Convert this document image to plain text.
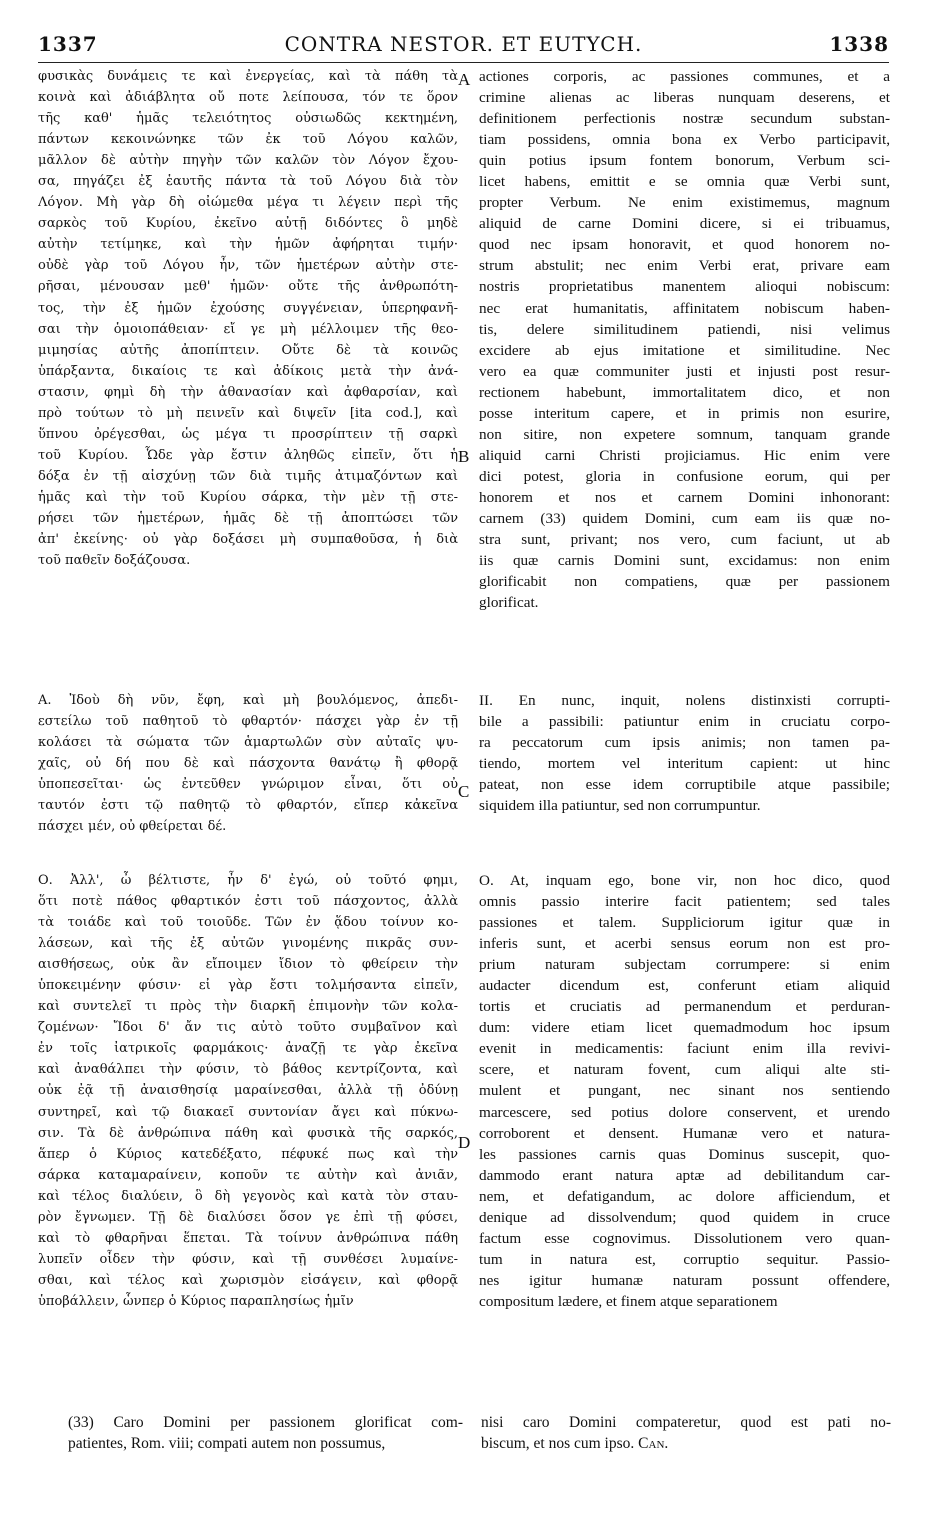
CONTRA NESTOR. ET EUTYCH.
1337	1338
A
B
C
D
φυσικὰς δυνάμεις τε καὶ ἐνεργείας, καὶ τὰ πάθη τὰ
κοινὰ καὶ ἀδιάβλητα οὔ ποτε λείπουσα, τόν τε ὅρον
τῆς καθ' ἡμᾶς τελειότητος οὐσιωδῶς κεκτημένη,
πάντων κεκοινώνηκε τῶν ἐκ τοῦ Λόγου καλῶν,
μᾶλλον δὲ αὐτὴν πηγὴν τῶν καλῶν τὸν Λόγον ἔχου-
σα, πηγάζει ἐξ ἑαυτῆς πάντα τὰ τοῦ Λόγου διὰ τὸν
Λόγον. Μὴ γὰρ δὴ οἰώμεθα μέγα τι λέγειν περὶ τῆς
σαρκὸς τοῦ Κυρίου, ἐκεῖνο αὐτῇ διδόντες ὃ μηδὲ
αὐτὴν τετίμηκε, καὶ τὴν ἡμῶν ἀφήρηται τιμήν·
οὐδὲ γὰρ τοῦ Λόγου ἦν, τῶν ἡμετέρων αὐτὴν στε-
ρῆσαι, μένουσαν μεθ' ἡμῶν· οὔτε τῆς ἀνθρωπότη-
τος, τὴν ἐξ ἡμῶν ἐχούσης συγγένειαν, ὑπερηφανῆ-
σαι τὴν ὁμοιοπάθειαν· εἴ γε μὴ μέλλοιμεν τῆς θεο-
μιμησίας αὐτῆς ἀποπίπτειν. Οὔτε δὲ τὰ κοινῶς
ὑπάρξαντα, δικαίοις τε καὶ ἀδίκοις μετὰ τὴν ἀνά-
στασιν, φημὶ δὴ τὴν ἀθανασίαν καὶ ἀφθαρσίαν, καὶ
πρὸ τούτων τὸ μὴ πεινεῖν καὶ διψεῖν [ita cod.], καὶ
ὕπνου ὀρέγεσθαι, ὡς μέγα τι προσρίπτειν τῇ σαρκὶ
τοῦ Κυρίου. Ὧδε γὰρ ἔστιν ἀληθῶς εἰπεῖν, ὅτι ἡ
δόξα ἐν τῇ αἰσχύνῃ τῶν διὰ τιμῆς ἀτιμαζόντων καὶ
ἡμᾶς καὶ τὴν τοῦ Κυρίου σάρκα, τὴν μὲν τῇ στε-
ρήσει τῶν ἡμετέρων, ἡμᾶς δὲ τῇ ἀποπτώσει τῶν
ἀπ' ἐκείνης· οὐ γὰρ δοξάσει μὴ συμπαθοῦσα, ἡ διὰ
τοῦ παθεῖν δοξάζουσα.
Α. Ἰδοὺ δὴ νῦν, ἔφη, καὶ μὴ βουλόμενος, ἀπεδι-
εστείλω τοῦ παθητοῦ τὸ φθαρτόν· πάσχει γὰρ ἐν τῇ
κολάσει τὰ σώματα τῶν ἁμαρτωλῶν σὺν αὐταῖς ψυ-
χαῖς, οὐ δή που δὲ καὶ πάσχοντα θανάτῳ ἢ φθορᾷ
ὑποπεσεῖται· ὡς ἐντεῦθεν γνώριμον εἶναι, ὅτι οὐ
ταυτόν ἐστι τῷ παθητῷ τὸ φθαρτόν, εἴπερ κἀκεῖνα
πάσχει μέν, οὐ φθείρεται δέ.
Ο. Ἀλλ', ὦ βέλτιστε, ἦν δ' ἐγώ, οὐ τοῦτό φημι,
ὅτι ποτὲ πάθος φθαρτικόν ἐστι τοῦ πάσχοντος, ἀλλὰ
τὰ τοιάδε καὶ τοῦ τοιοῦδε. Τῶν ἐν ᾅδου τοίνυν κο-
λάσεων, καὶ τῆς ἐξ αὐτῶν γινομένης πικρᾶς συν-
αισθήσεως, οὐκ ἂν εἴποιμεν ἴδιον τὸ φθείρειν τὴν
ὑποκειμένην φύσιν· εἰ γὰρ ἔστι τολμήσαντα εἰπεῖν,
καὶ συντελεῖ τι πρὸς τὴν διαρκῆ ἐπιμονὴν τῶν κολα-
ζομένων· Ἴδοι δ' ἄν τις αὐτὸ τοῦτο συμβαῖνον καὶ
ἐν τοῖς ἰατρικοῖς φαρμάκοις· ἀναζῇ τε γὰρ ἐκεῖνα
καὶ ἀναθάλπει τὴν φύσιν, τὸ βάθος κεντρίζοντα, καὶ
οὐκ ἐᾷ τῇ ἀναισθησίᾳ μαραίνεσθαι, ἀλλὰ τῇ ὀδύνῃ
συντηρεῖ, καὶ τῷ διακαεῖ συντονίαν ἄγει καὶ πύκνω-
σιν. Τὰ δὲ ἀνθρώπινα πάθη καὶ φυσικὰ τῆς σαρκός,
ἅπερ ὁ Κύριος κατεδέξατο, πέφυκέ πως καὶ τὴν
σάρκα καταμαραίνειν, κοποῦν τε αὐτὴν καὶ ἀνιᾶν,
καὶ τέλος διαλύειν, ὃ δὴ γεγονὸς καὶ κατὰ τὸν σταυ-
ρὸν ἔγνωμεν. Τῇ δὲ διαλύσει ὅσον γε ἐπὶ τῇ φύσει,
καὶ τὸ φθαρῆναι ἕπεται. Τὰ τοίνυν ἀνθρώπινα πάθη
λυπεῖν οἶδεν τὴν φύσιν, καὶ τῇ συνθέσει λυμαίνε-
σθαι, καὶ τέλος καὶ χωρισμὸν εἰσάγειν, καὶ φθορᾷ
ὑποβάλλειν, ὧνπερ ὁ Κύριος παραπλησίως ἡμῖν
actiones corporis, ac passiones communes, et a
crimine alienas ac liberas nunquam deserens, et
definitionem perfectionis nostræ secundum substan-
tiam possidens, omnia bona ex Verbo participavit,
quin potius ipsum fontem bonorum, Verbum sci-
licet habens, emittit e se omnia quæ Verbi sunt,
propter Verbum. Ne enim existimemus, magnum
aliquid de carne Domini dicere, si ei tribuamus,
quod nec ipsam honoravit, et quod honorem no-
strum abstulit; nec enim Verbi erat, privare eam
nostris proprietatibus manentem alioqui nobiscum:
nec erat humanitatis, affinitatem nobiscum haben-
tis, delere similitudinem patiendi, nisi velimus
excidere ab ejus imitatione et similitudine. Nec
vero ea quæ communiter justi et injusti post resur-
rectionem habebunt, immortalitatem dico, et non
posse interitum capere, et in primis non esurire,
non sitire, non expetere somnum, tanquam grande
aliquid carni Christi projiciamus. Hic enim vere
dici potest, gloria in confusione eorum, qui per
honorem et nos et carnem Domini inhonorant:
carnem (33) quidem Domini, cum eam iis quæ no-
stra sunt, privant; nos vero, cum faciunt, ut ab
iis quæ carnis Domini sunt, excidamus: non enim
glorificabit non compatiens, quæ per passionem
glorificat.
II. En nunc, inquit, nolens distinxisti corrupti-
bile a passibili: patiuntur enim in cruciatu corpo-
ra peccatorum cum ipsis animis; non tamen pa-
tiendo, mortem vel interitum capient: ut hinc
pateat, non esse idem corruptibile atque passibile;
siquidem illa patiuntur, sed non corrumpuntur.
O. At, inquam ego, bone vir, non hoc dico, quod
omnis passio interire facit patientem; sed tales
passiones et talem. Suppliciorum igitur quæ in
inferis sunt, et acerbi sensus eorum non est pro-
prium naturam subjectam corrumpere: si enim
audacter dicendum est, conferunt etiam aliquid
tortis et cruciatis ad permanendum et perduran-
dum: videre etiam licet quemadmodum hoc ipsum
evenit in medicamentis: faciunt enim illa revivi-
scere, et naturam fovent, cum aliqui alte sti-
mulent et pungant, nec sinant nos sentiendo
marcescere, sed potius dolore conservent, et urendo
corroborent et densent. Humanæ vero et natura-
les passiones carnis quas Dominus suscepit, quo-
dammodo erant natura aptæ ad debilitandum car-
nem, et defatigandum, ac dolore afficiendum, et
denique ad dissolvendum; quod quidem in cruce
factum esse cognovimus. Dissolutionem vero quan-
tum in natura est, corruptio sequitur. Passio-
nes igitur humanæ naturam possunt offendere,
compositum lædere, et finem atque separationem
(33) Caro Domini per passionem glorificat com-
patientes, Rom. viii; compati autem non possumus,
nisi caro Domini compateretur, quod est pati no-
biscum, et nos cum ipso. Can.
